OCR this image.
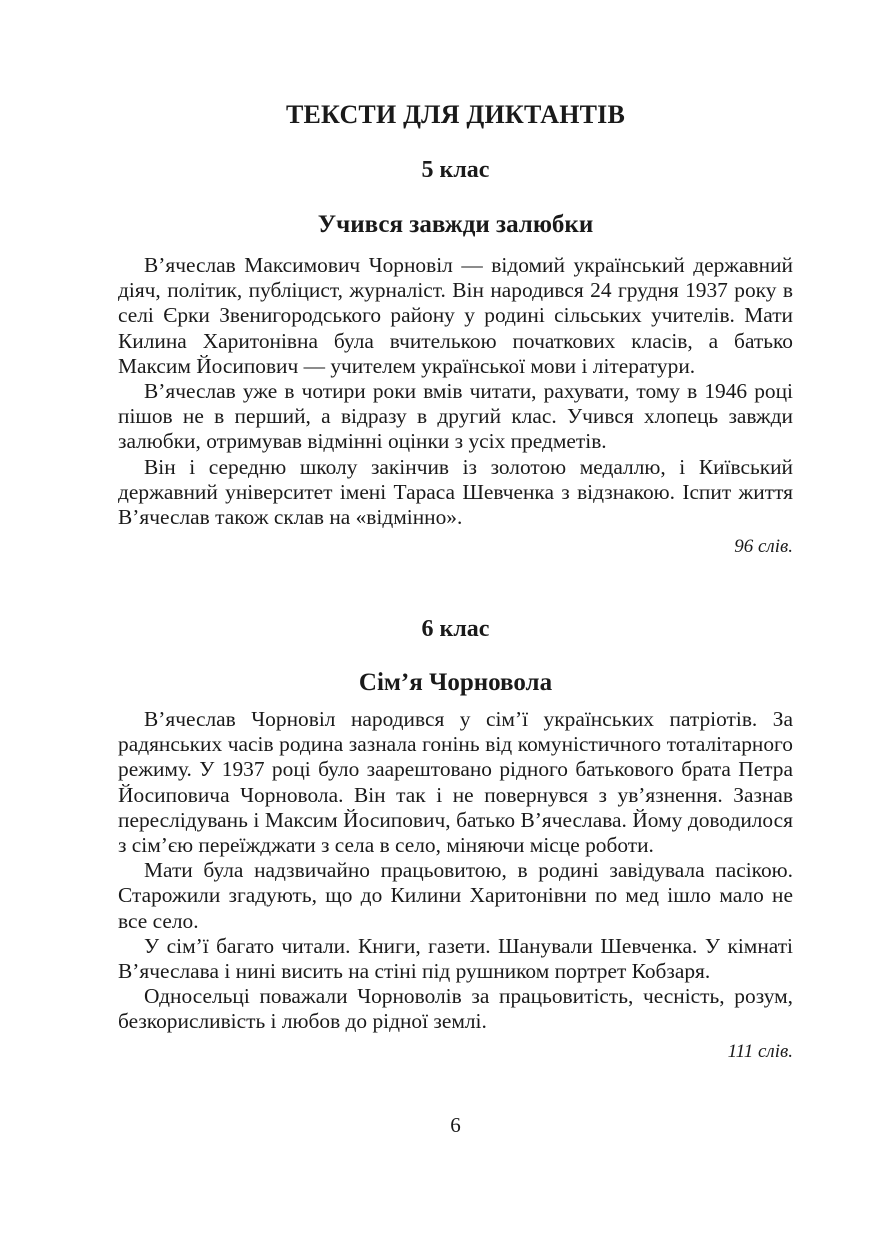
ТЕКСТИ ДЛЯ ДИКТАНТІВ
5 клас
Учився завжди залюбки

В’ячеслав Максимович Чорновіл — відомий український державний діяч, політик, публіцист, журналіст. Він народився 24 грудня 1937 року в селі Єрки Звенигородського району у родині сільських учителів. Мати Килина Харитонівна була вчителькою початкових класів, а батько Максим Йосипович — учителем української мови і літератури.

В’ячеслав уже в чотири роки вмів читати, рахувати, тому в 1946 році пішов не в перший, а відразу в другий клас. Учився хлопець завжди залюбки, отримував відмінні оцінки з усіх предметів.

Він і середню школу закінчив із золотою медаллю, і Київський державний університет імені Тараса Шевченка з відзнакою. Іспит життя В’ячеслав також склав на «відмінно».

96 слів.
6 клас
Сім’я Чорновола

В’ячеслав Чорновіл народився у сім’ї українських патріотів. За радянських часів родина зазнала гонінь від комуністичного тоталітарного режиму. У 1937 році було заарештовано рідного батькового брата Петра Йосиповича Чорновола. Він так і не повернувся з ув’язнення. Зазнав переслідувань і Максим Йосипович, батько В’ячеслава. Йому доводилося з сім’єю переїжджати з села в село, міняючи місце роботи.

Мати була надзвичайно працьовитою, в родині завідувала пасікою. Старожили згадують, що до Килини Харитонівни по мед ішло мало не все село.

У сім’ї багато читали. Книги, газети. Шанували Шевченка. У кімнаті В’ячеслава і нині висить на стіні під рушником портрет Кобзаря.

Односельці поважали Чорноволів за працьовитість, чесність, розум, безкорисливість і любов до рідної землі.

111 слів.
6
